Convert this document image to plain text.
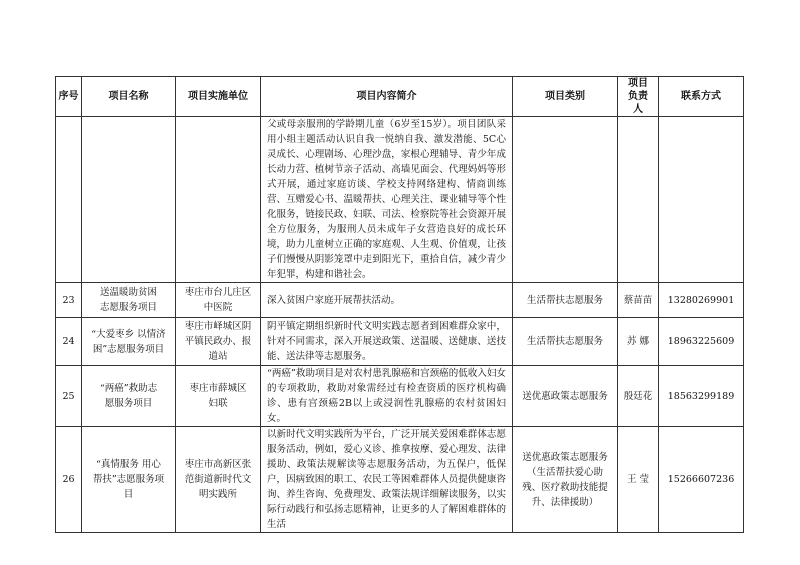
序号	项目名称	项目实施单位	项目内容简介	项目类别	项目负责人	联系方式
			父或母亲服刑的学龄期儿童（6岁至15岁）。项目团队采用小组主题活动认识自我一悦纳自我、激发潜能、5C心灵成长、心理剧场、心理沙盘，家根心理辅导、青少年成长动力营、植树节亲子活动、高墙见面会、代理妈妈等形式开展，通过家庭访谈、学校支持网络建构、情商训练营、互赠爱心书、温暖帮扶、心理关注、课业辅导等个性化服务，链接民政、妇联、司法、检察院等社会资源开展全方位服务，为服刑人员未成年子女营造良好的成长环境，助力儿童树立正确的家庭观、人生观、价值观，让孩子们慢慢从阴影笼罩中走到阳光下，重拾自信，减少青少年犯罪，构建和谐社会。			
23	送温暖助贫困志愿服务项目	枣庄市台儿庄区中医院	深入贫困户家庭开展帮扶活动。	生活帮扶志愿服务	蔡苗苗	13280269901
24	“大爱枣乡 以情济困”志愿服务项目	枣庄市峄城区阴平镇民政办、报道站	阴平镇定期组织新时代文明实践志愿者到困难群众家中，针对不同需求，深入开展送政策、送温暖、送健康、送技能、送法律等志愿服务。	生活帮扶志愿服务	苏 娜	18963225609
25	“两癌”救助志愿服务项目	枣庄市薛城区妇联	“两癌”救助项目是对农村患乳腺癌和宫颈癌的低收入妇女的专项救助，救助对象需经过有检查资质的医疗机构确诊、患有宫颈癌2B以上或浸润性乳腺癌的农村贫困妇女。	送优惠政策志愿服务	殷廷花	18563299189
26	“真情服务 用心帮扶”志愿服务项目	枣庄市高新区张范街道新时代文明实践所	以新时代文明实践所为平台，广泛开展关爱困难群体志愿服务活动，例如，爱心义诊、推拿按摩、爱心理发、法律援助、政策法规解读等志愿服务活动，为五保户，低保户，因病致困的职工、农民工等困难群体人员提供健康咨询、养生咨询、免费理发、政策法规详细解读服务，以实际行动践行和弘扬志愿精神，让更多的人了解困难群体的生活	送优惠政策志愿服务（生活帮扶爱心助残、医疗救助技能提升、法律援助）	王 莹	15266607236
